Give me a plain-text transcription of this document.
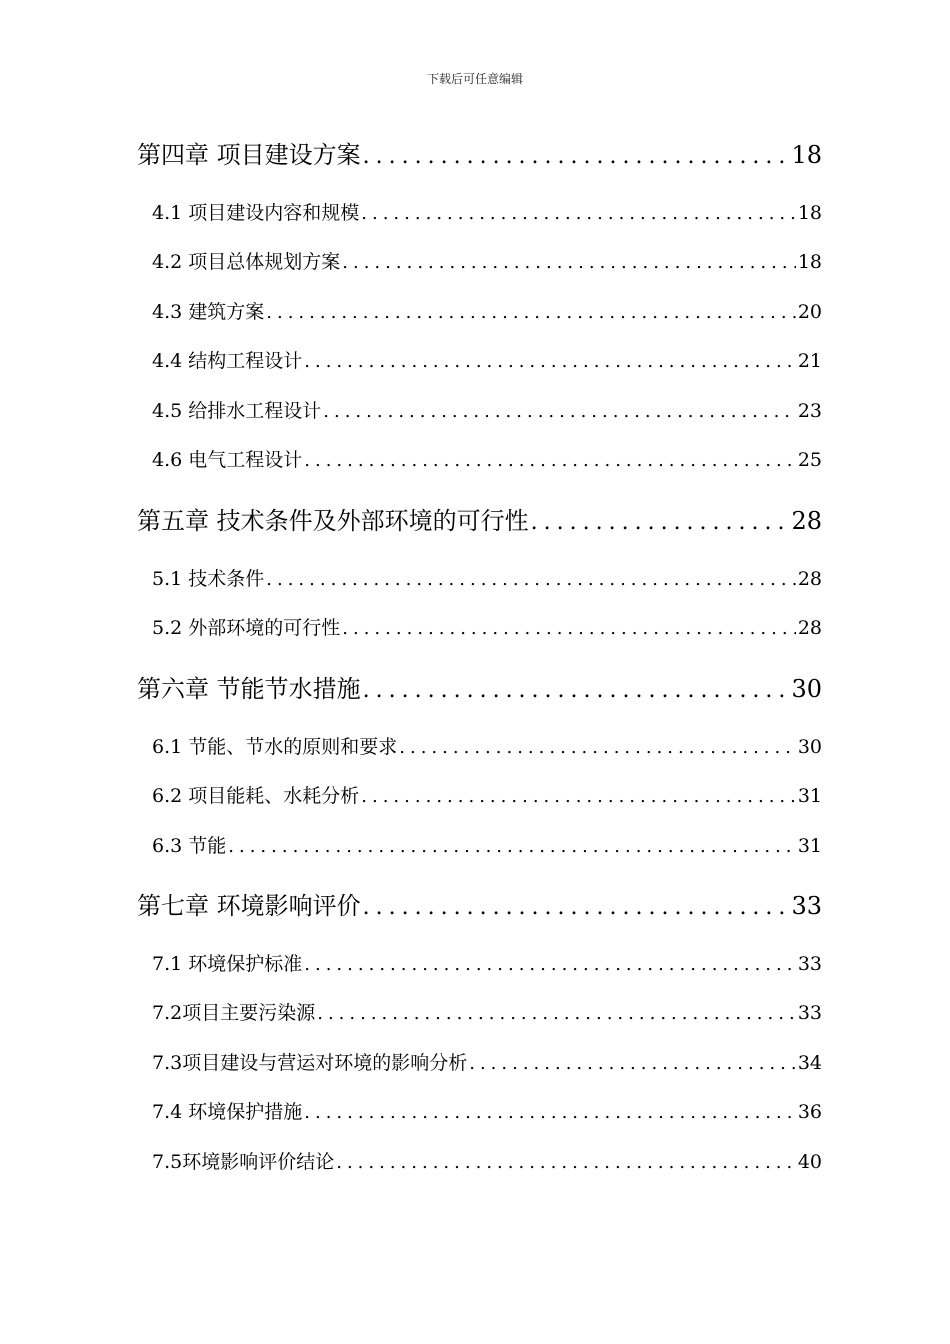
下载后可任意编辑
第四章 项目建设方案 .....	18
4.1 项目建设内容和规模 .....	18
4.2 项目总体规划方案 .....	18
4.3 建筑方案 .....	20
4.4 结构工程设计 .....	21
4.5 给排水工程设计 .....	23
4.6 电气工程设计 .....	25
第五章 技术条件及外部环境的可行性 .....	28
5.1 技术条件 .....	28
5.2 外部环境的可行性 .....	28
第六章 节能节水措施 .....	30
6.1 节能、节水的原则和要求 .....	30
6.2 项目能耗、水耗分析 .....	31
6.3 节能 .....	31
第七章 环境影响评价 .....	33
7.1 环境保护标准 .....	33
7.2项目主要污染源 .....	33
7.3项目建设与营运对环境的影响分析 .....	34
7.4 环境保护措施 .....	36
7.5环境影响评价结论 .....	40
